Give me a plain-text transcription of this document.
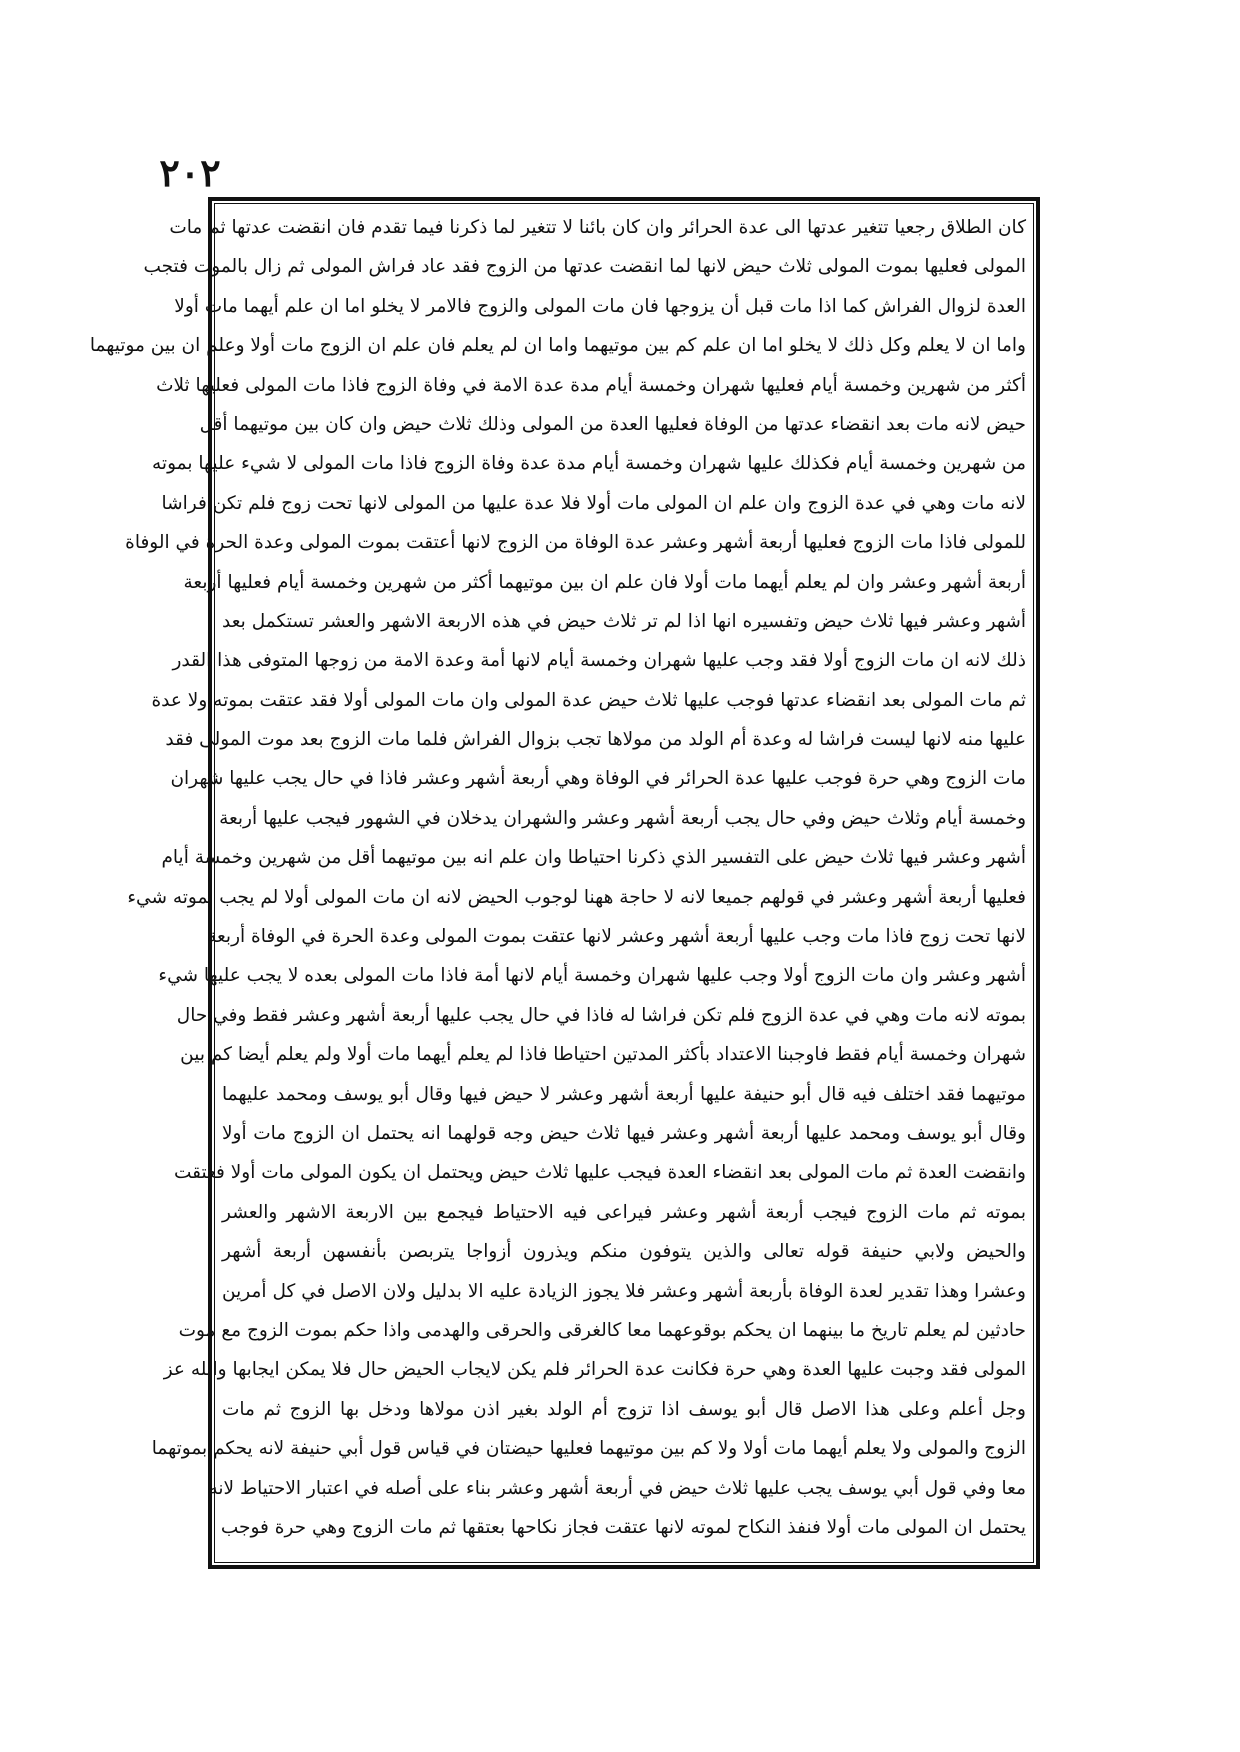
٢٠٢
كان الطلاق رجعيا تتغير عدتها الى عدة الحرائر وان كان بائنا لا تتغير لما ذكرنا فيما تقدم فان انقضت عدتها ثم مات
المولى فعليها بموت المولى ثلاث حيض لانها لما انقضت عدتها من الزوج فقد عاد فراش المولى ثم زال بالموت فتجب
العدة لزوال الفراش كما اذا مات قبل أن يزوجها فان مات المولى والزوج فالامر لا يخلو اما ان علم أيهما مات أولا
واما ان لا يعلم وكل ذلك لا يخلو اما ان علم كم بين موتيهما واما ان لم يعلم فان علم ان الزوج مات أولا وعلم ان بين موتيهما
أكثر من شهرين وخمسة أيام فعليها شهران وخمسة أيام مدة عدة الامة في وفاة الزوج فاذا مات المولى فعليها ثلاث
حيض لانه مات بعد انقضاء عدتها من الوفاة فعليها العدة من المولى وذلك ثلاث حيض وان كان بين موتيهما أقل
من شهرين وخمسة أيام فكذلك عليها شهران وخمسة أيام مدة عدة وفاة الزوج فاذا مات المولى لا شيء عليها بموته
لانه مات وهي في عدة الزوج وان علم ان المولى مات أولا فلا عدة عليها من المولى لانها تحت زوج فلم تكن فراشا
للمولى فاذا مات الزوج فعليها أربعة أشهر وعشر عدة الوفاة من الزوج لانها أعتقت بموت المولى وعدة الحرة في الوفاة
أربعة أشهر وعشر وان لم يعلم أيهما مات أولا فان علم ان بين موتيهما أكثر من شهرين وخمسة أيام فعليها أربعة
أشهر وعشر فيها ثلاث حيض وتفسيره انها اذا لم تر ثلاث حيض في هذه الاربعة الاشهر والعشر تستكمل بعد
ذلك لانه ان مات الزوج أولا فقد وجب عليها شهران وخمسة أيام لانها أمة وعدة الامة من زوجها المتوفى هذا القدر
ثم مات المولى بعد انقضاء عدتها فوجب عليها ثلاث حيض عدة المولى وان مات المولى أولا فقد عتقت بموته ولا عدة
عليها منه لانها ليست فراشا له وعدة أم الولد من مولاها تجب بزوال الفراش فلما مات الزوج بعد موت المولى فقد
مات الزوج وهي حرة فوجب عليها عدة الحرائر في الوفاة وهي أربعة أشهر وعشر فاذا في حال يجب عليها شهران
وخمسة أيام وثلاث حيض وفي حال يجب أربعة أشهر وعشر والشهران يدخلان في الشهور فيجب عليها أربعة
أشهر وعشر فيها ثلاث حيض على التفسير الذي ذكرنا احتياطا وان علم انه بين موتيهما أقل من شهرين وخمسة أيام
فعليها أربعة أشهر وعشر في قولهم جميعا لانه لا حاجة ههنا لوجوب الحيض لانه ان مات المولى أولا لم يجب بموته شيء
لانها تحت زوج فاذا مات وجب عليها أربعة أشهر وعشر لانها عتقت بموت المولى وعدة الحرة في الوفاة أربعة
أشهر وعشر وان مات الزوج أولا وجب عليها شهران وخمسة أيام لانها أمة فاذا مات المولى بعده لا يجب عليها شيء
بموته لانه مات وهي في عدة الزوج فلم تكن فراشا له فاذا في حال يجب عليها أربعة أشهر وعشر فقط وفي حال
شهران وخمسة أيام فقط فاوجبنا الاعتداد بأكثر المدتين احتياطا فاذا لم يعلم أيهما مات أولا ولم يعلم أيضا كم بين
موتيهما فقد اختلف فيه قال أبو حنيفة عليها أربعة أشهر وعشر لا حيض فيها وقال أبو يوسف ومحمد عليهما
وقال أبو يوسف ومحمد عليها أربعة أشهر وعشر فيها ثلاث حيض وجه قولهما انه يحتمل ان الزوج مات أولا
وانقضت العدة ثم مات المولى بعد انقضاء العدة فيجب عليها ثلاث حيض ويحتمل ان يكون المولى مات أولا فعتقت
بموته ثم مات الزوج فيجب أربعة أشهر وعشر فيراعى فيه الاحتياط فيجمع بين الاربعة الاشهر والعشر
والحيض ولابي حنيفة قوله تعالى والذين يتوفون منكم ويذرون أزواجا يتربصن بأنفسهن أربعة أشهر
وعشرا وهذا تقدير لعدة الوفاة بأربعة أشهر وعشر فلا يجوز الزيادة عليه الا بدليل ولان الاصل في كل أمرين
حادثين لم يعلم تاريخ ما بينهما ان يحكم بوقوعهما معا كالغرقى والحرقى والهدمى واذا حكم بموت الزوج مع موت
المولى فقد وجبت عليها العدة وهي حرة فكانت عدة الحرائر فلم يكن لايجاب الحيض حال فلا يمكن ايجابها والله عز
وجل أعلم وعلى هذا الاصل قال أبو يوسف اذا تزوج أم الولد بغير اذن مولاها ودخل بها الزوج ثم مات
الزوج والمولى ولا يعلم أيهما مات أولا ولا كم بين موتيهما فعليها حيضتان في قياس قول أبي حنيفة لانه يحكم بموتهما
معا وفي قول أبي يوسف يجب عليها ثلاث حيض في أربعة أشهر وعشر بناء على أصله في اعتبار الاحتياط لانه
يحتمل ان المولى مات أولا فنفذ النكاح لموته لانها عتقت فجاز نكاحها بعتقها ثم مات الزوج وهي حرة فوجب
